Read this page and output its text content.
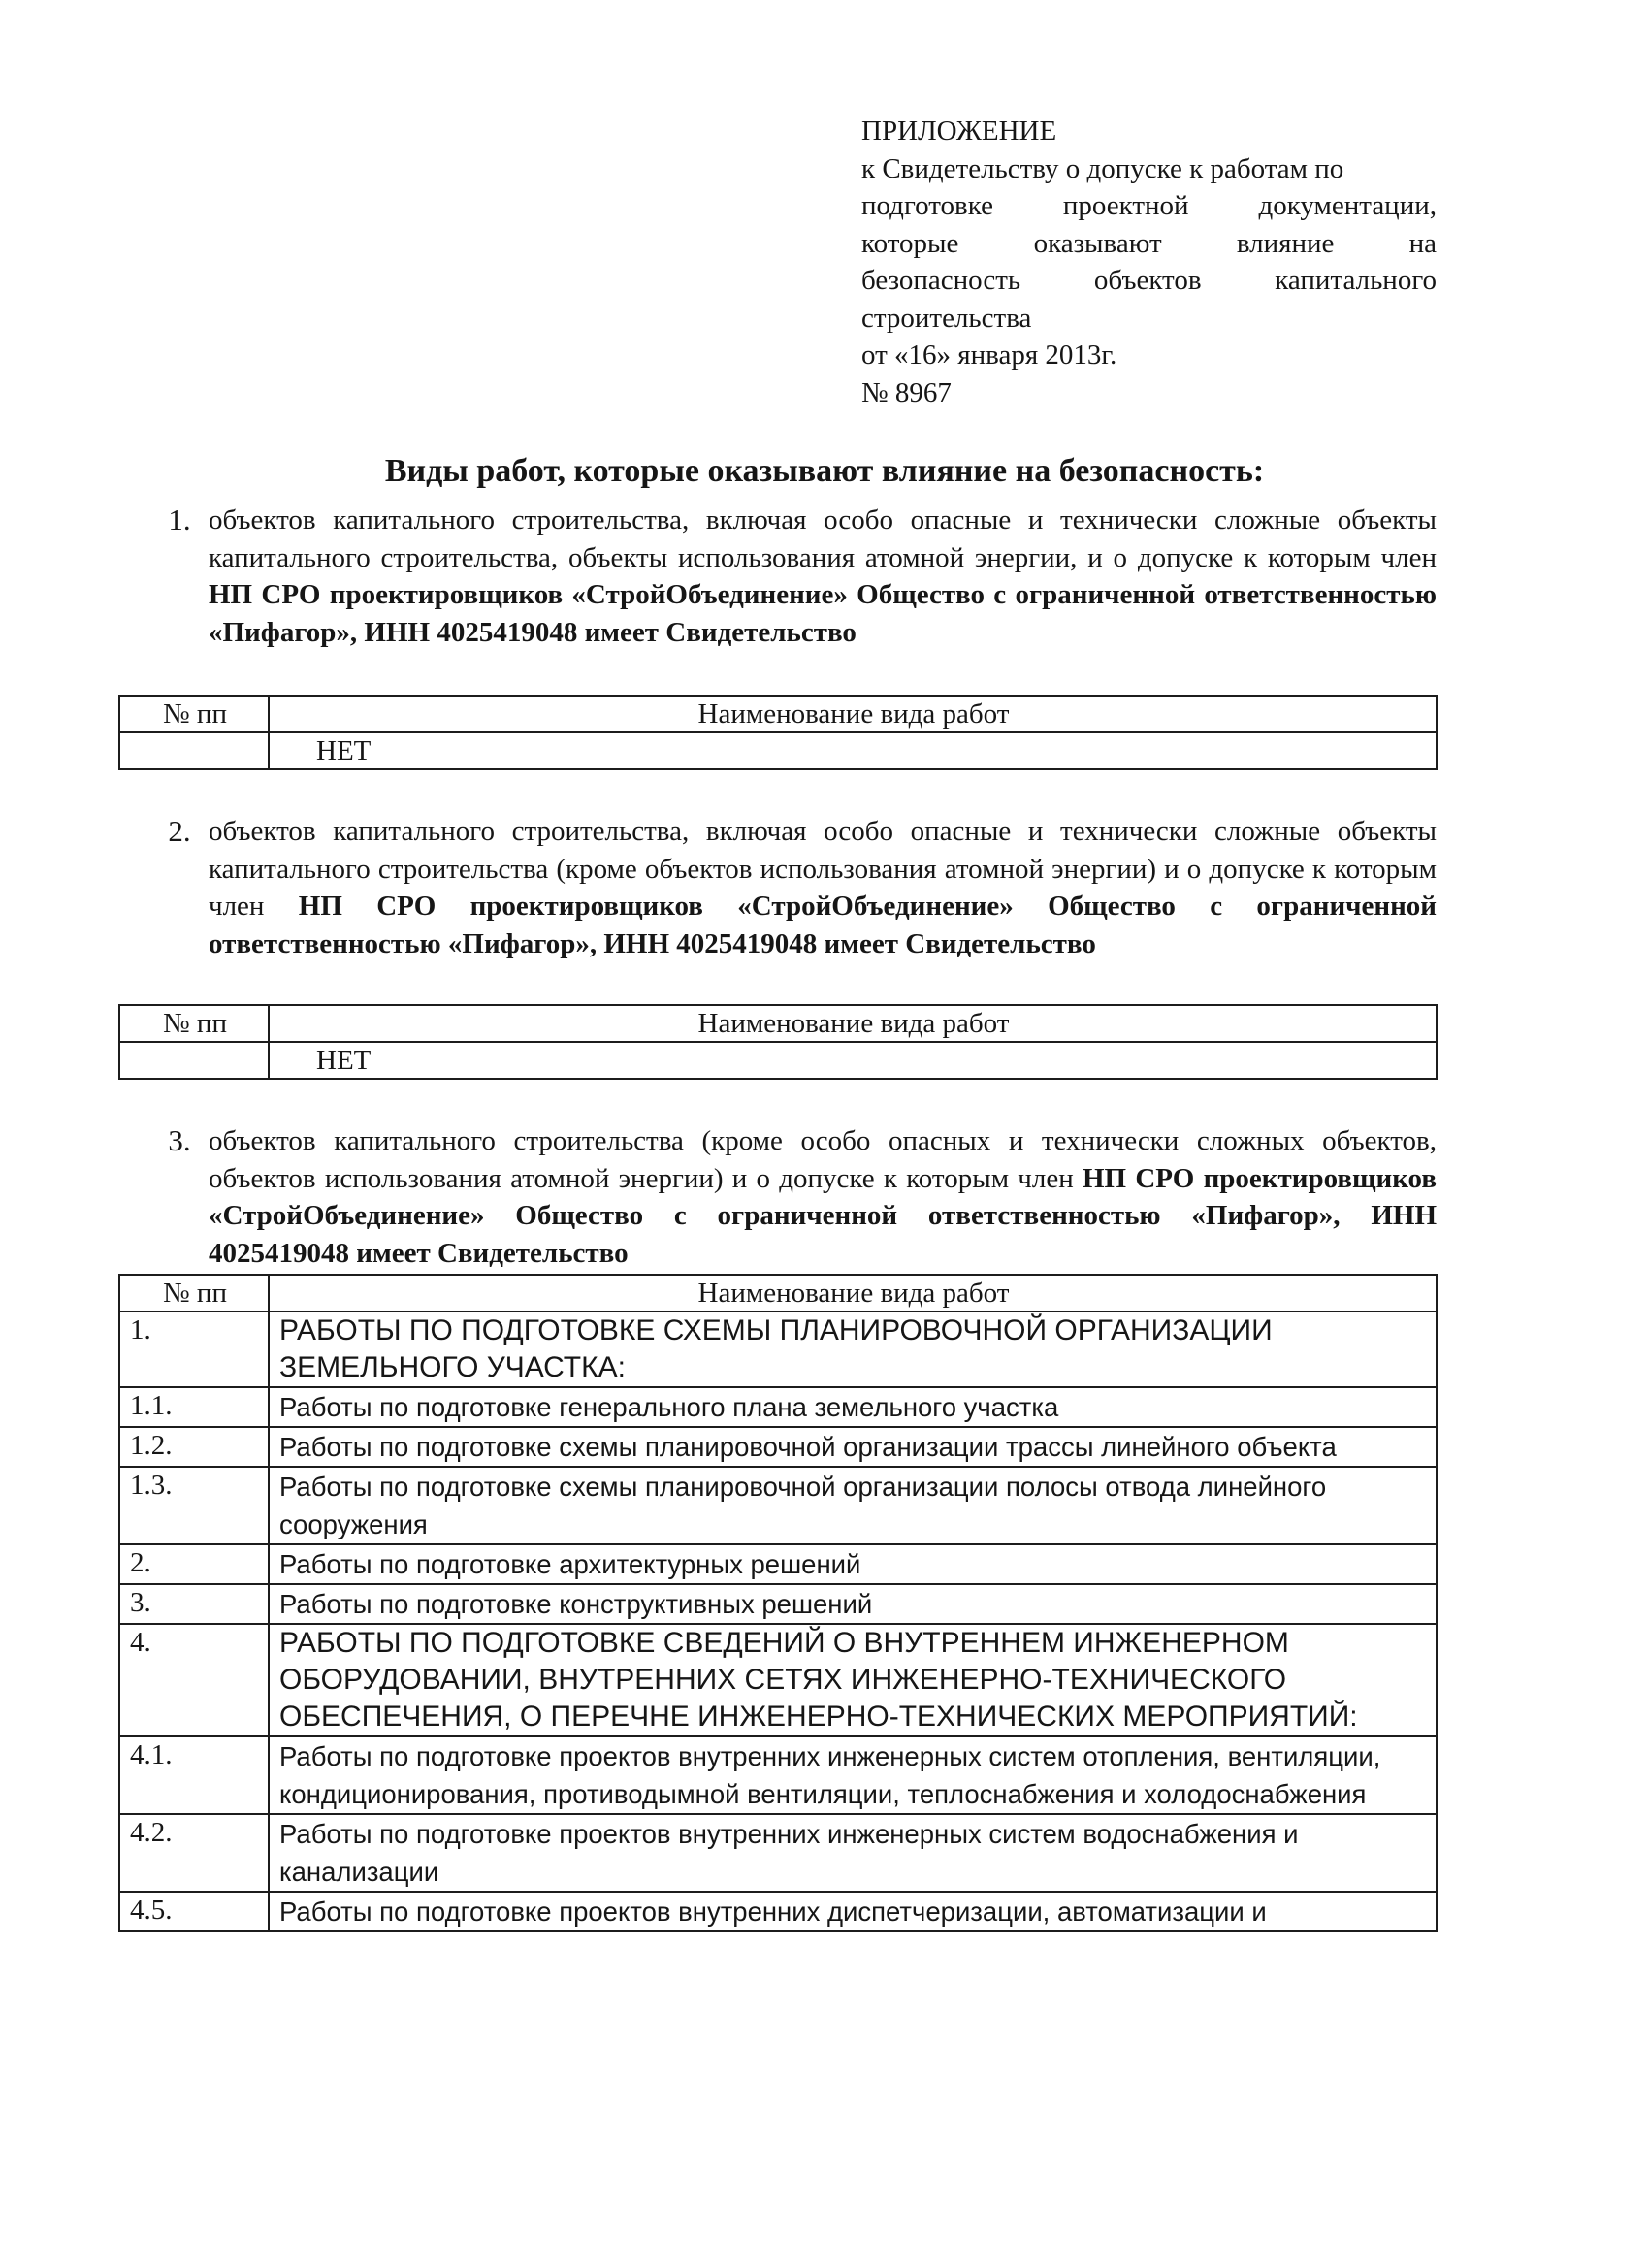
ПРИЛОЖЕНИЕ
к Свидетельству о допуске к работам по
подготовке проектной документации,
которые оказывают влияние на
безопасность объектов капитального
строительства
от «16» января 2013г.
№ 8967
Виды работ, которые оказывают влияние на безопасность:
1. объектов капитального строительства, включая особо опасные и технически сложные объекты капитального строительства, объекты использования атомной энергии, и о допуске к которым член НП СРО проектировщиков «СтройОбъединение» Общество с ограниченной ответственностью «Пифагор», ИНН 4025419048 имеет Свидетельство
№ пп	Наименование вида работ
	НЕТ
2. объектов капитального строительства, включая особо опасные и технически сложные объекты капитального строительства (кроме объектов использования атомной энергии) и о допуске к которым член НП СРО проектировщиков «СтройОбъединение» Общество с ограниченной ответственностью «Пифагор», ИНН 4025419048 имеет Свидетельство
№ пп	Наименование вида работ
	НЕТ
3. объектов капитального строительства (кроме особо опасных и технически сложных объектов, объектов использования атомной энергии) и о допуске к которым член НП СРО проектировщиков «СтройОбъединение» Общество с ограниченной ответственностью «Пифагор», ИНН 4025419048 имеет Свидетельство
№ пп	Наименование вида работ
1.	РАБОТЫ ПО ПОДГОТОВКЕ СХЕМЫ ПЛАНИРОВОЧНОЙ ОРГАНИЗАЦИИ ЗЕМЕЛЬНОГО УЧАСТКА:
1.1.	Работы по подготовке генерального плана земельного участка
1.2.	Работы по подготовке схемы планировочной организации трассы линейного объекта
1.3.	Работы по подготовке схемы планировочной организации полосы отвода линейного сооружения
2.	Работы по подготовке архитектурных решений
3.	Работы по подготовке конструктивных решений
4.	РАБОТЫ ПО ПОДГОТОВКЕ СВЕДЕНИЙ О ВНУТРЕННЕМ ИНЖЕНЕРНОМ ОБОРУДОВАНИИ, ВНУТРЕННИХ СЕТЯХ ИНЖЕНЕРНО-ТЕХНИЧЕСКОГО ОБЕСПЕЧЕНИЯ, О ПЕРЕЧНЕ ИНЖЕНЕРНО-ТЕХНИЧЕСКИХ МЕРОПРИЯТИЙ:
4.1.	Работы по подготовке проектов внутренних инженерных систем отопления, вентиляции, кондиционирования, противодымной вентиляции, теплоснабжения и холодоснабжения
4.2.	Работы по подготовке проектов внутренних инженерных систем водоснабжения и канализации
4.5.	Работы по подготовке проектов внутренних диспетчеризации, автоматизации и
